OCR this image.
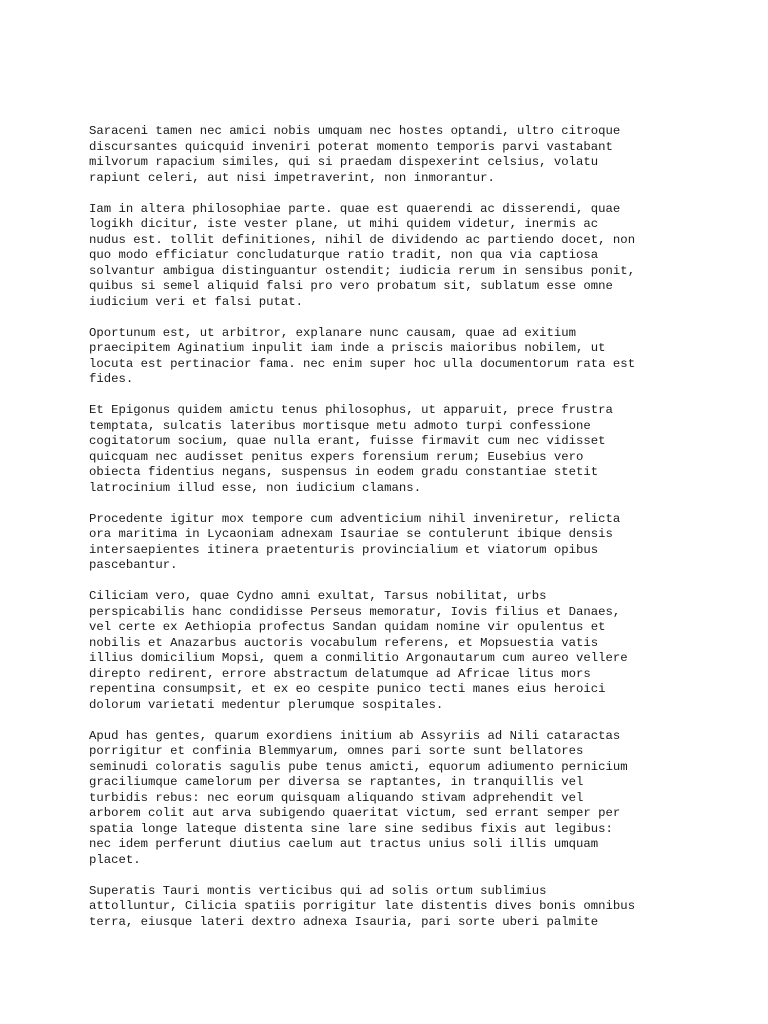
Saraceni tamen nec amici nobis umquam nec hostes optandi, ultro citroque
discursantes quicquid inveniri poterat momento temporis parvi vastabant
milvorum rapacium similes, qui si praedam dispexerint celsius, volatu
rapiunt celeri, aut nisi impetraverint, non inmorantur.
Iam in altera philosophiae parte. quae est quaerendi ac disserendi, quae
logikh dicitur, iste vester plane, ut mihi quidem videtur, inermis ac
nudus est. tollit definitiones, nihil de dividendo ac partiendo docet, non
quo modo efficiatur concludaturque ratio tradit, non qua via captiosa
solvantur ambigua distinguantur ostendit; iudicia rerum in sensibus ponit,
quibus si semel aliquid falsi pro vero probatum sit, sublatum esse omne
iudicium veri et falsi putat.
Oportunum est, ut arbitror, explanare nunc causam, quae ad exitium
praecipitem Aginatium inpulit iam inde a priscis maioribus nobilem, ut
locuta est pertinacior fama. nec enim super hoc ulla documentorum rata est
fides.
Et Epigonus quidem amictu tenus philosophus, ut apparuit, prece frustra
temptata, sulcatis lateribus mortisque metu admoto turpi confessione
cogitatorum socium, quae nulla erant, fuisse firmavit cum nec vidisset
quicquam nec audisset penitus expers forensium rerum; Eusebius vero
obiecta fidentius negans, suspensus in eodem gradu constantiae stetit
latrocinium illud esse, non iudicium clamans.
Procedente igitur mox tempore cum adventicium nihil inveniretur, relicta
ora maritima in Lycaoniam adnexam Isauriae se contulerunt ibique densis
intersaepientes itinera praetenturis provincialium et viatorum opibus
pascebantur.
Ciliciam vero, quae Cydno amni exultat, Tarsus nobilitat, urbs
perspicabilis hanc condidisse Perseus memoratur, Iovis filius et Danaes,
vel certe ex Aethiopia profectus Sandan quidam nomine vir opulentus et
nobilis et Anazarbus auctoris vocabulum referens, et Mopsuestia vatis
illius domicilium Mopsi, quem a conmilitio Argonautarum cum aureo vellere
direpto redirent, errore abstractum delatumque ad Africae litus mors
repentina consumpsit, et ex eo cespite punico tecti manes eius heroici
dolorum varietati medentur plerumque sospitales.
Apud has gentes, quarum exordiens initium ab Assyriis ad Nili cataractas
porrigitur et confinia Blemmyarum, omnes pari sorte sunt bellatores
seminudi coloratis sagulis pube tenus amicti, equorum adiumento pernicium
graciliumque camelorum per diversa se raptantes, in tranquillis vel
turbidis rebus: nec eorum quisquam aliquando stivam adprehendit vel
arborem colit aut arva subigendo quaeritat victum, sed errant semper per
spatia longe lateque distenta sine lare sine sedibus fixis aut legibus:
nec idem perferunt diutius caelum aut tractus unius soli illis umquam
placet.
Superatis Tauri montis verticibus qui ad solis ortum sublimius
attolluntur, Cilicia spatiis porrigitur late distentis dives bonis omnibus
terra, eiusque lateri dextro adnexa Isauria, pari sorte uberi palmite
